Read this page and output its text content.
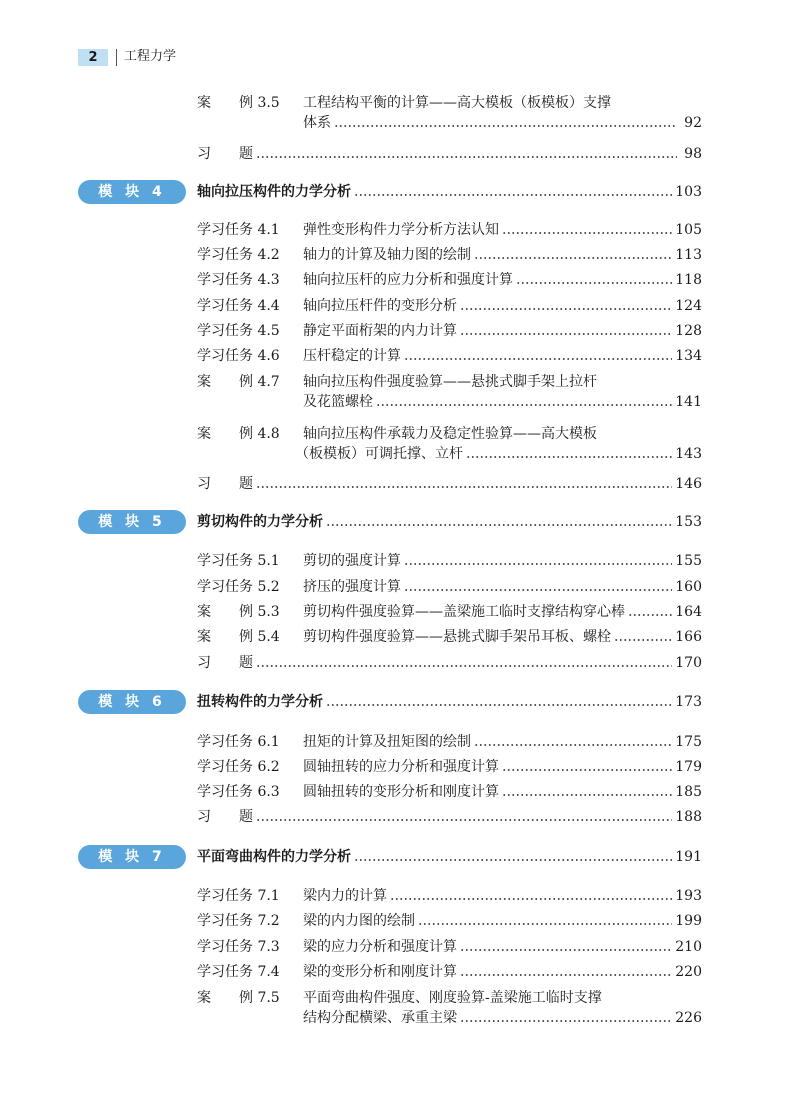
2	工程力学
案　　例 3.5	工程结构平衡的计算——高大模板（板模板）支撑
体系	92
习　　题	98
模 块 4	轴向拉压构件的力学分析	103
学习任务 4.1	弹性变形构件力学分析方法认知	105
学习任务 4.2	轴力的计算及轴力图的绘制	113
学习任务 4.3	轴向拉压杆的应力分析和强度计算	118
学习任务 4.4	轴向拉压杆件的变形分析	124
学习任务 4.5	静定平面桁架的内力计算	128
学习任务 4.6	压杆稳定的计算	134
案　　例 4.7	轴向拉压构件强度验算——悬挑式脚手架上拉杆
及花篮螺栓	141
案　　例 4.8	轴向拉压构件承载力及稳定性验算——高大模板
（板模板）可调托撑、立杆	143
习　　题	146
模 块 5	剪切构件的力学分析	153
学习任务 5.1	剪切的强度计算	155
学习任务 5.2	挤压的强度计算	160
案　　例 5.3	剪切构件强度验算——盖梁施工临时支撑结构穿心棒	164
案　　例 5.4	剪切构件强度验算——悬挑式脚手架吊耳板、螺栓	166
习　　题	170
模 块 6	扭转构件的力学分析	173
学习任务 6.1	扭矩的计算及扭矩图的绘制	175
学习任务 6.2	圆轴扭转的应力分析和强度计算	179
学习任务 6.3	圆轴扭转的变形分析和刚度计算	185
习　　题	188
模 块 7	平面弯曲构件的力学分析	191
学习任务 7.1	梁内力的计算	193
学习任务 7.2	梁的内力图的绘制	199
学习任务 7.3	梁的应力分析和强度计算	210
学习任务 7.4	梁的变形分析和刚度计算	220
案　　例 7.5	平面弯曲构件强度、刚度验算-盖梁施工临时支撑
结构分配横梁、承重主梁	226
